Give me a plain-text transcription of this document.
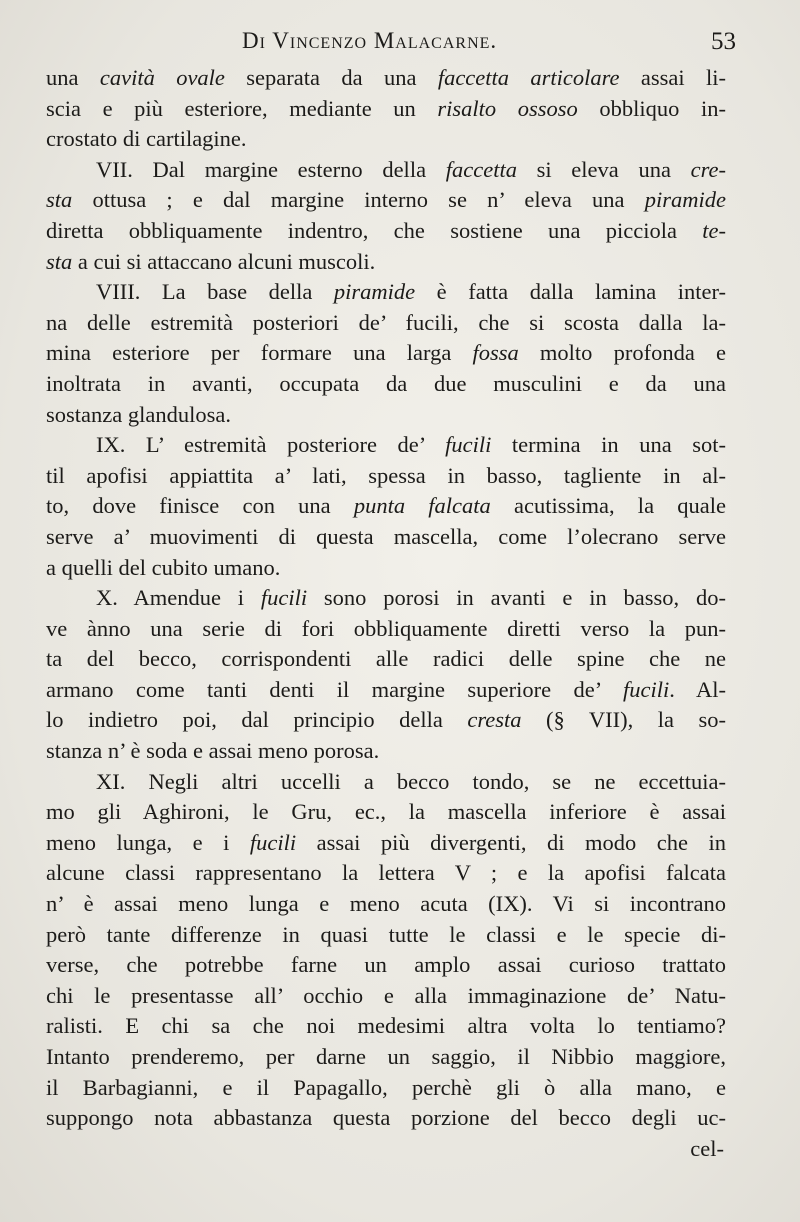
Di Vincenzo Malacarne.	53
una cavità ovale separata da una faccetta articolare assai li-
scia e più esteriore, mediante un risalto ossoso obbliquo in-
crostato di cartilagine.
VII. Dal margine esterno della faccetta si eleva una cre-
sta ottusa ; e dal margine interno se n’ eleva una piramide
diretta obbliquamente indentro, che sostiene una picciola te-
sta a cui si attaccano alcuni muscoli.
VIII. La base della piramide è fatta dalla lamina inter-
na delle estremità posteriori de’ fucili, che si scosta dalla la-
mina esteriore per formare una larga fossa molto profonda e
inoltrata in avanti, occupata da due musculini e da una
sostanza glandulosa.
IX. L’ estremità posteriore de’ fucili termina in una sot-
til apofisi appiattita a’ lati, spessa in basso, tagliente in al-
to, dove finisce con una punta falcata acutissima, la quale
serve a’ muovimenti di questa mascella, come l’olecrano serve
a quelli del cubito umano.
X. Amendue i fucili sono porosi in avanti e in basso, do-
ve ànno una serie di fori obbliquamente diretti verso la pun-
ta del becco, corrispondenti alle radici delle spine che ne
armano come tanti denti il margine superiore de’ fucili. Al-
lo indietro poi, dal principio della cresta (§ VII), la so-
stanza n’ è soda e assai meno porosa.
XI. Negli altri uccelli a becco tondo, se ne eccettuia-
mo gli Aghironi, le Gru, ec., la mascella inferiore è assai
meno lunga, e i fucili assai più divergenti, di modo che in
alcune classi rappresentano la lettera V ; e la apofisi falcata
n’ è assai meno lunga e meno acuta (IX). Vi si incontrano
però tante differenze in quasi tutte le classi e le specie di-
verse, che potrebbe farne un amplo assai curioso trattato
chi le presentasse all’ occhio e alla immaginazione de’ Natu-
ralisti. E chi sa che noi medesimi altra volta lo tentiamo?
Intanto prenderemo, per darne un saggio, il Nibbio maggiore,
il Barbagianni, e il Papagallo, perchè gli ò alla mano, e
suppongo nota abbastanza questa porzione del becco degli uc-
cel-
